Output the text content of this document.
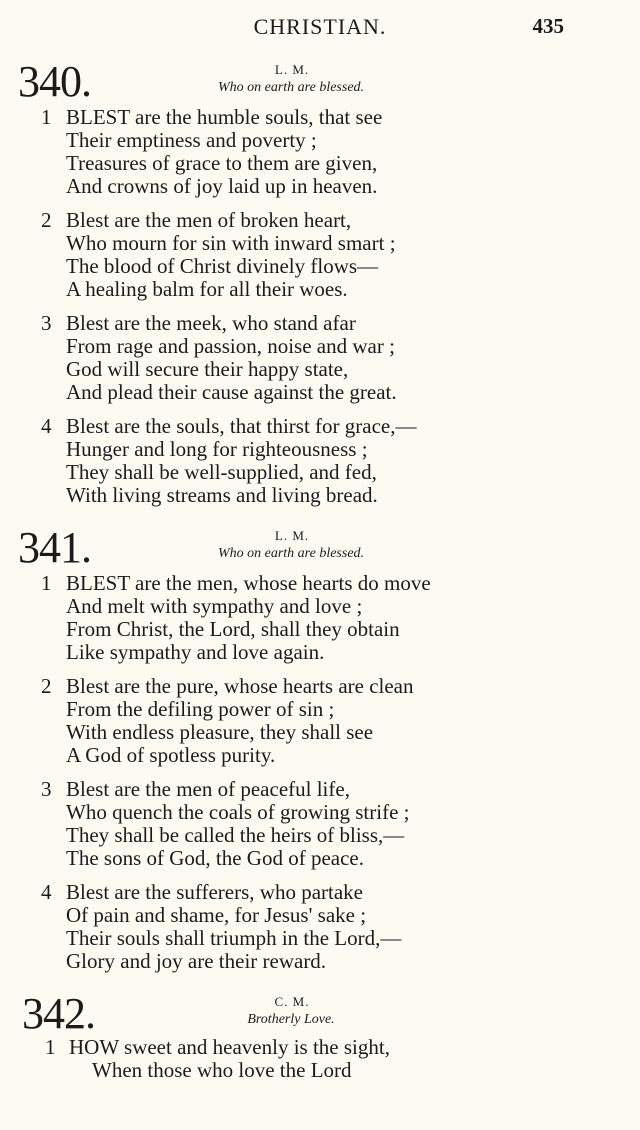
CHRISTIAN.	435
340.	L. M.
Who on earth are blessed.
1 BLEST are the humble souls, that see
Their emptiness and poverty ;
Treasures of grace to them are given,
And crowns of joy laid up in heaven.
2 Blest are the men of broken heart,
Who mourn for sin with inward smart ;
The blood of Christ divinely flows—
A healing balm for all their woes.
3 Blest are the meek, who stand afar
From rage and passion, noise and war ;
God will secure their happy state,
And plead their cause against the great.
4 Blest are the souls, that thirst for grace,—
Hunger and long for righteousness ;
They shall be well-supplied, and fed,
With living streams and living bread.
341.	L. M.
Who on earth are blessed.
1 BLEST are the men, whose hearts do move
And melt with sympathy and love ;
From Christ, the Lord, shall they obtain
Like sympathy and love again.
2 Blest are the pure, whose hearts are clean
From the defiling power of sin ;
With endless pleasure, they shall see
A God of spotless purity.
3 Blest are the men of peaceful life,
Who quench the coals of growing strife ;
They shall be called the heirs of bliss,—
The sons of God, the God of peace.
4 Blest are the sufferers, who partake
Of pain and shame, for Jesus' sake ;
Their souls shall triumph in the Lord,—
Glory and joy are their reward.
342.	C. M.
Brotherly Love.
1 HOW sweet and heavenly is the sight,
When those who love the Lord
